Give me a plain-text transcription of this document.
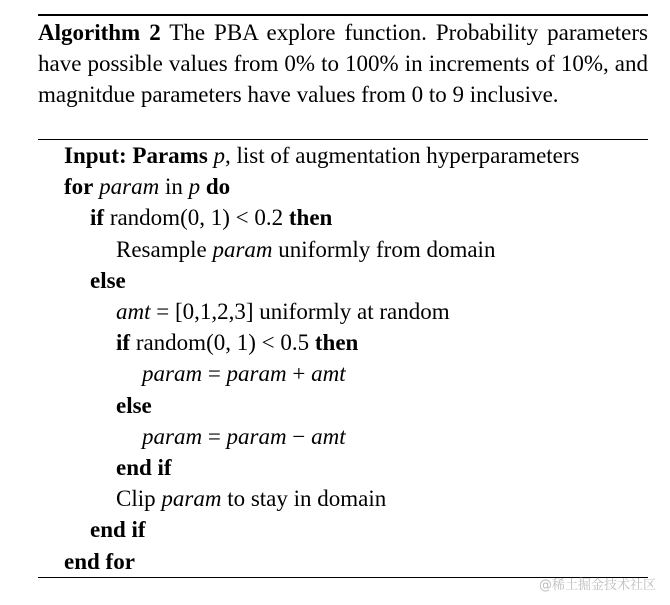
Algorithm 2 The PBA explore function. Probability parameters have possible values from 0% to 100% in increments of 10%, and magnitdue parameters have values from 0 to 9 inclusive.
Input: Params p, list of augmentation hyperparameters
for param in p do
if random(0, 1) < 0.2 then
Resample param uniformly from domain
else
amt = [0,1,2,3] uniformly at random
if random(0, 1) < 0.5 then
param = param + amt
else
param = param − amt
end if
Clip param to stay in domain
end if
end for
@稀土掘金技术社区
